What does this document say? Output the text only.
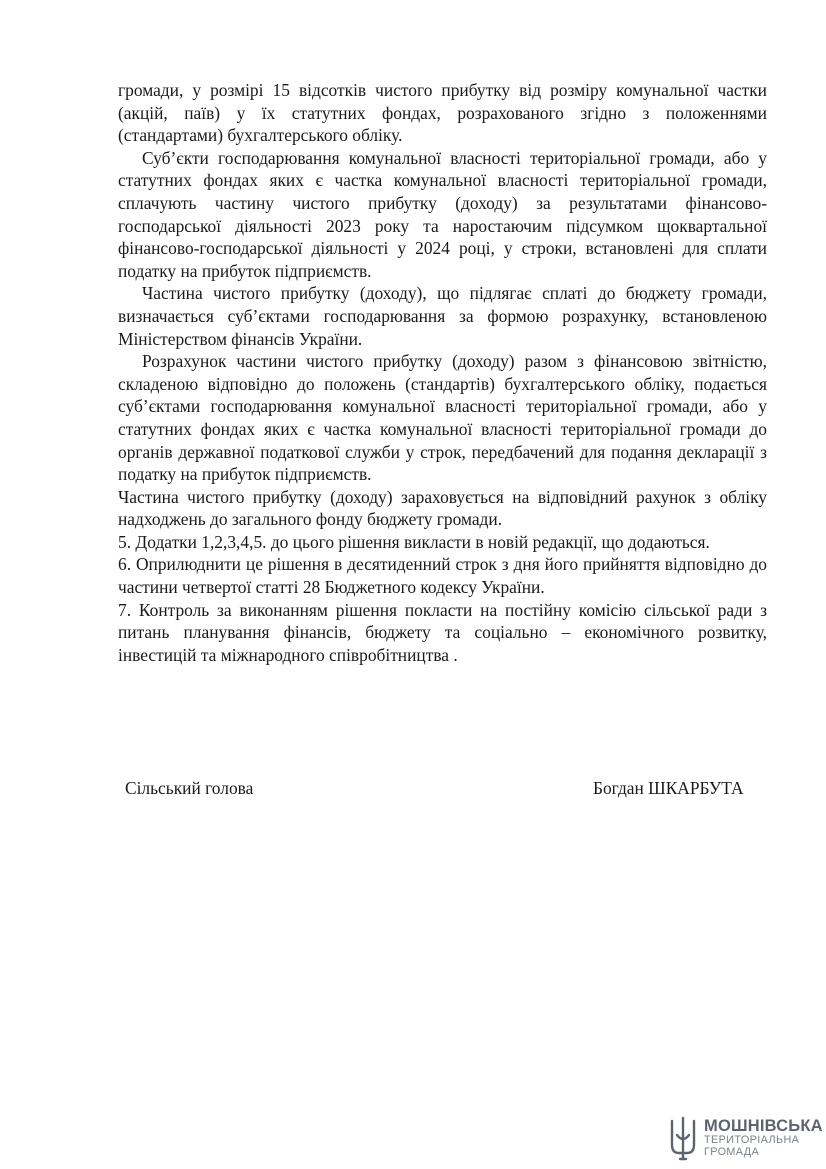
громади, у розмірі 15 відсотків чистого прибутку від розміру комунальної частки (акцій, паїв) у їх статутних фондах, розрахованого згідно з положеннями (стандартами) бухгалтерського обліку.

Суб’єкти господарювання комунальної власності територіальної громади, або у статутних фондах яких є частка комунальної власності територіальної громади, сплачують частину чистого прибутку (доходу) за результатами фінансово-господарської діяльності 2023 року та наростаючим підсумком щоквартальної фінансово-господарської діяльності у 2024 році, у строки, встановлені для сплати податку на прибуток підприємств.

Частина чистого прибутку (доходу), що підлягає сплаті до бюджету громади, визначається суб’єктами господарювання за формою розрахунку, встановленою Міністерством фінансів України.

Розрахунок частини чистого прибутку (доходу) разом з фінансовою звітністю, складеною відповідно до положень (стандартів) бухгалтерського обліку, подається суб’єктами господарювання комунальної власності територіальної громади, або у статутних фондах яких є частка комунальної власності територіальної громади до органів державної податкової служби у строк, передбачений для подання декларації з податку на прибуток підприємств.

Частина чистого прибутку (доходу) зараховується на відповідний рахунок з обліку надходжень до загального фонду бюджету громади.

5. Додатки 1,2,3,4,5. до цього рішення викласти в новій редакції, що додаються.

6. Оприлюднити це рішення в десятиденний строк з дня його прийняття відповідно до частини четвертої статті 28 Бюджетного кодексу України.

7. Контроль за виконанням рішення покласти на постійну комісію сільської ради з питань планування фінансів, бюджету та соціально – економічного розвитку, інвестицій та міжнародного співробітництва .

Сільський голова	Богдан ШКАРБУТА
МОШНІВСЬКА
ТЕРИТОРІАЛЬНА
ГРОМАДА
